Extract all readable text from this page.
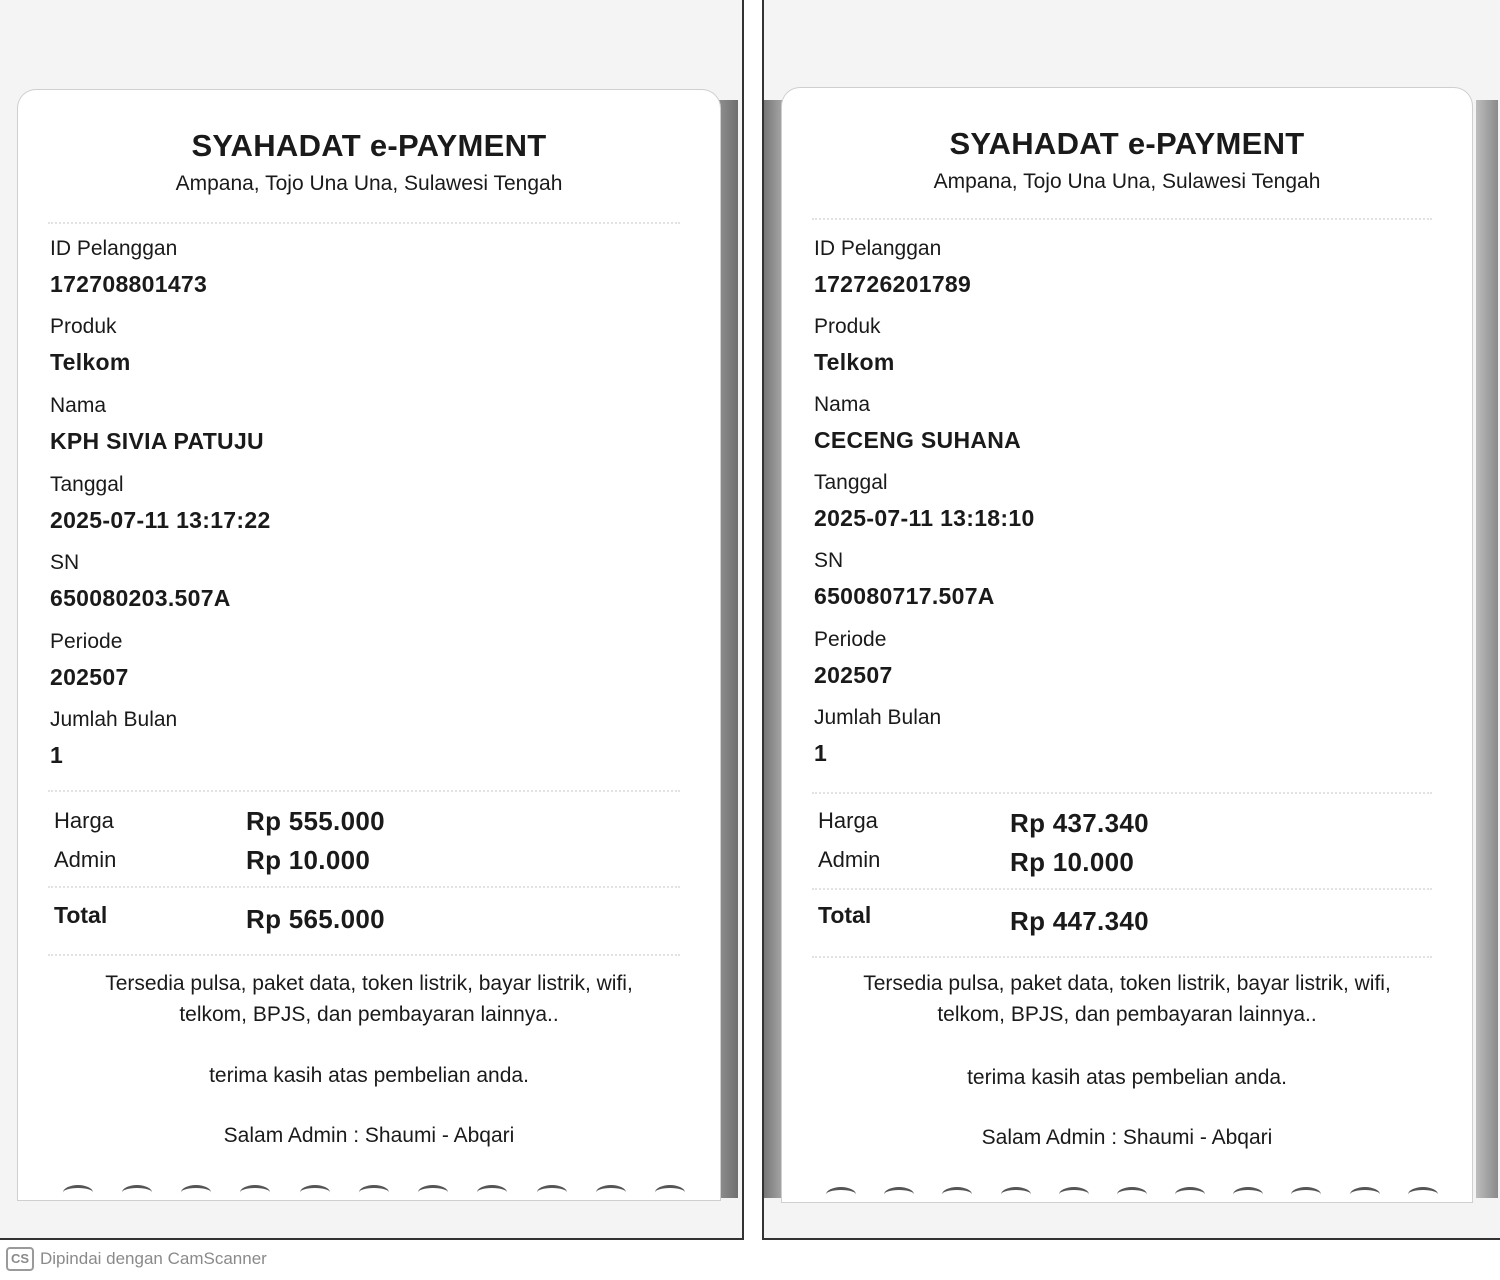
SYAHADAT e-PAYMENT
Ampana, Tojo Una Una, Sulawesi Tengah
ID Pelanggan
172708801473
Produk
Telkom
Nama
KPH SIVIA PATUJU
Tanggal
2025-07-11 13:17:22
SN
650080203.507A
Periode
202507
Jumlah Bulan
1
Harga	Rp 555.000
Admin	Rp 10.000
Total	Rp 565.000
Tersedia pulsa, paket data, token listrik, bayar listrik, wifi,
telkom, BPJS, dan pembayaran lainnya..
terima kasih atas pembelian anda.
Salam Admin : Shaumi - Abqari
SYAHADAT e-PAYMENT
Ampana, Tojo Una Una, Sulawesi Tengah
ID Pelanggan
172726201789
Produk
Telkom
Nama
CECENG SUHANA
Tanggal
2025-07-11 13:18:10
SN
650080717.507A
Periode
202507
Jumlah Bulan
1
Harga	Rp 437.340
Admin	Rp 10.000
Total	Rp 447.340
Tersedia pulsa, paket data, token listrik, bayar listrik, wifi,
telkom, BPJS, dan pembayaran lainnya..
terima kasih atas pembelian anda.
Salam Admin : Shaumi - Abqari
CS Dipindai dengan CamScanner
